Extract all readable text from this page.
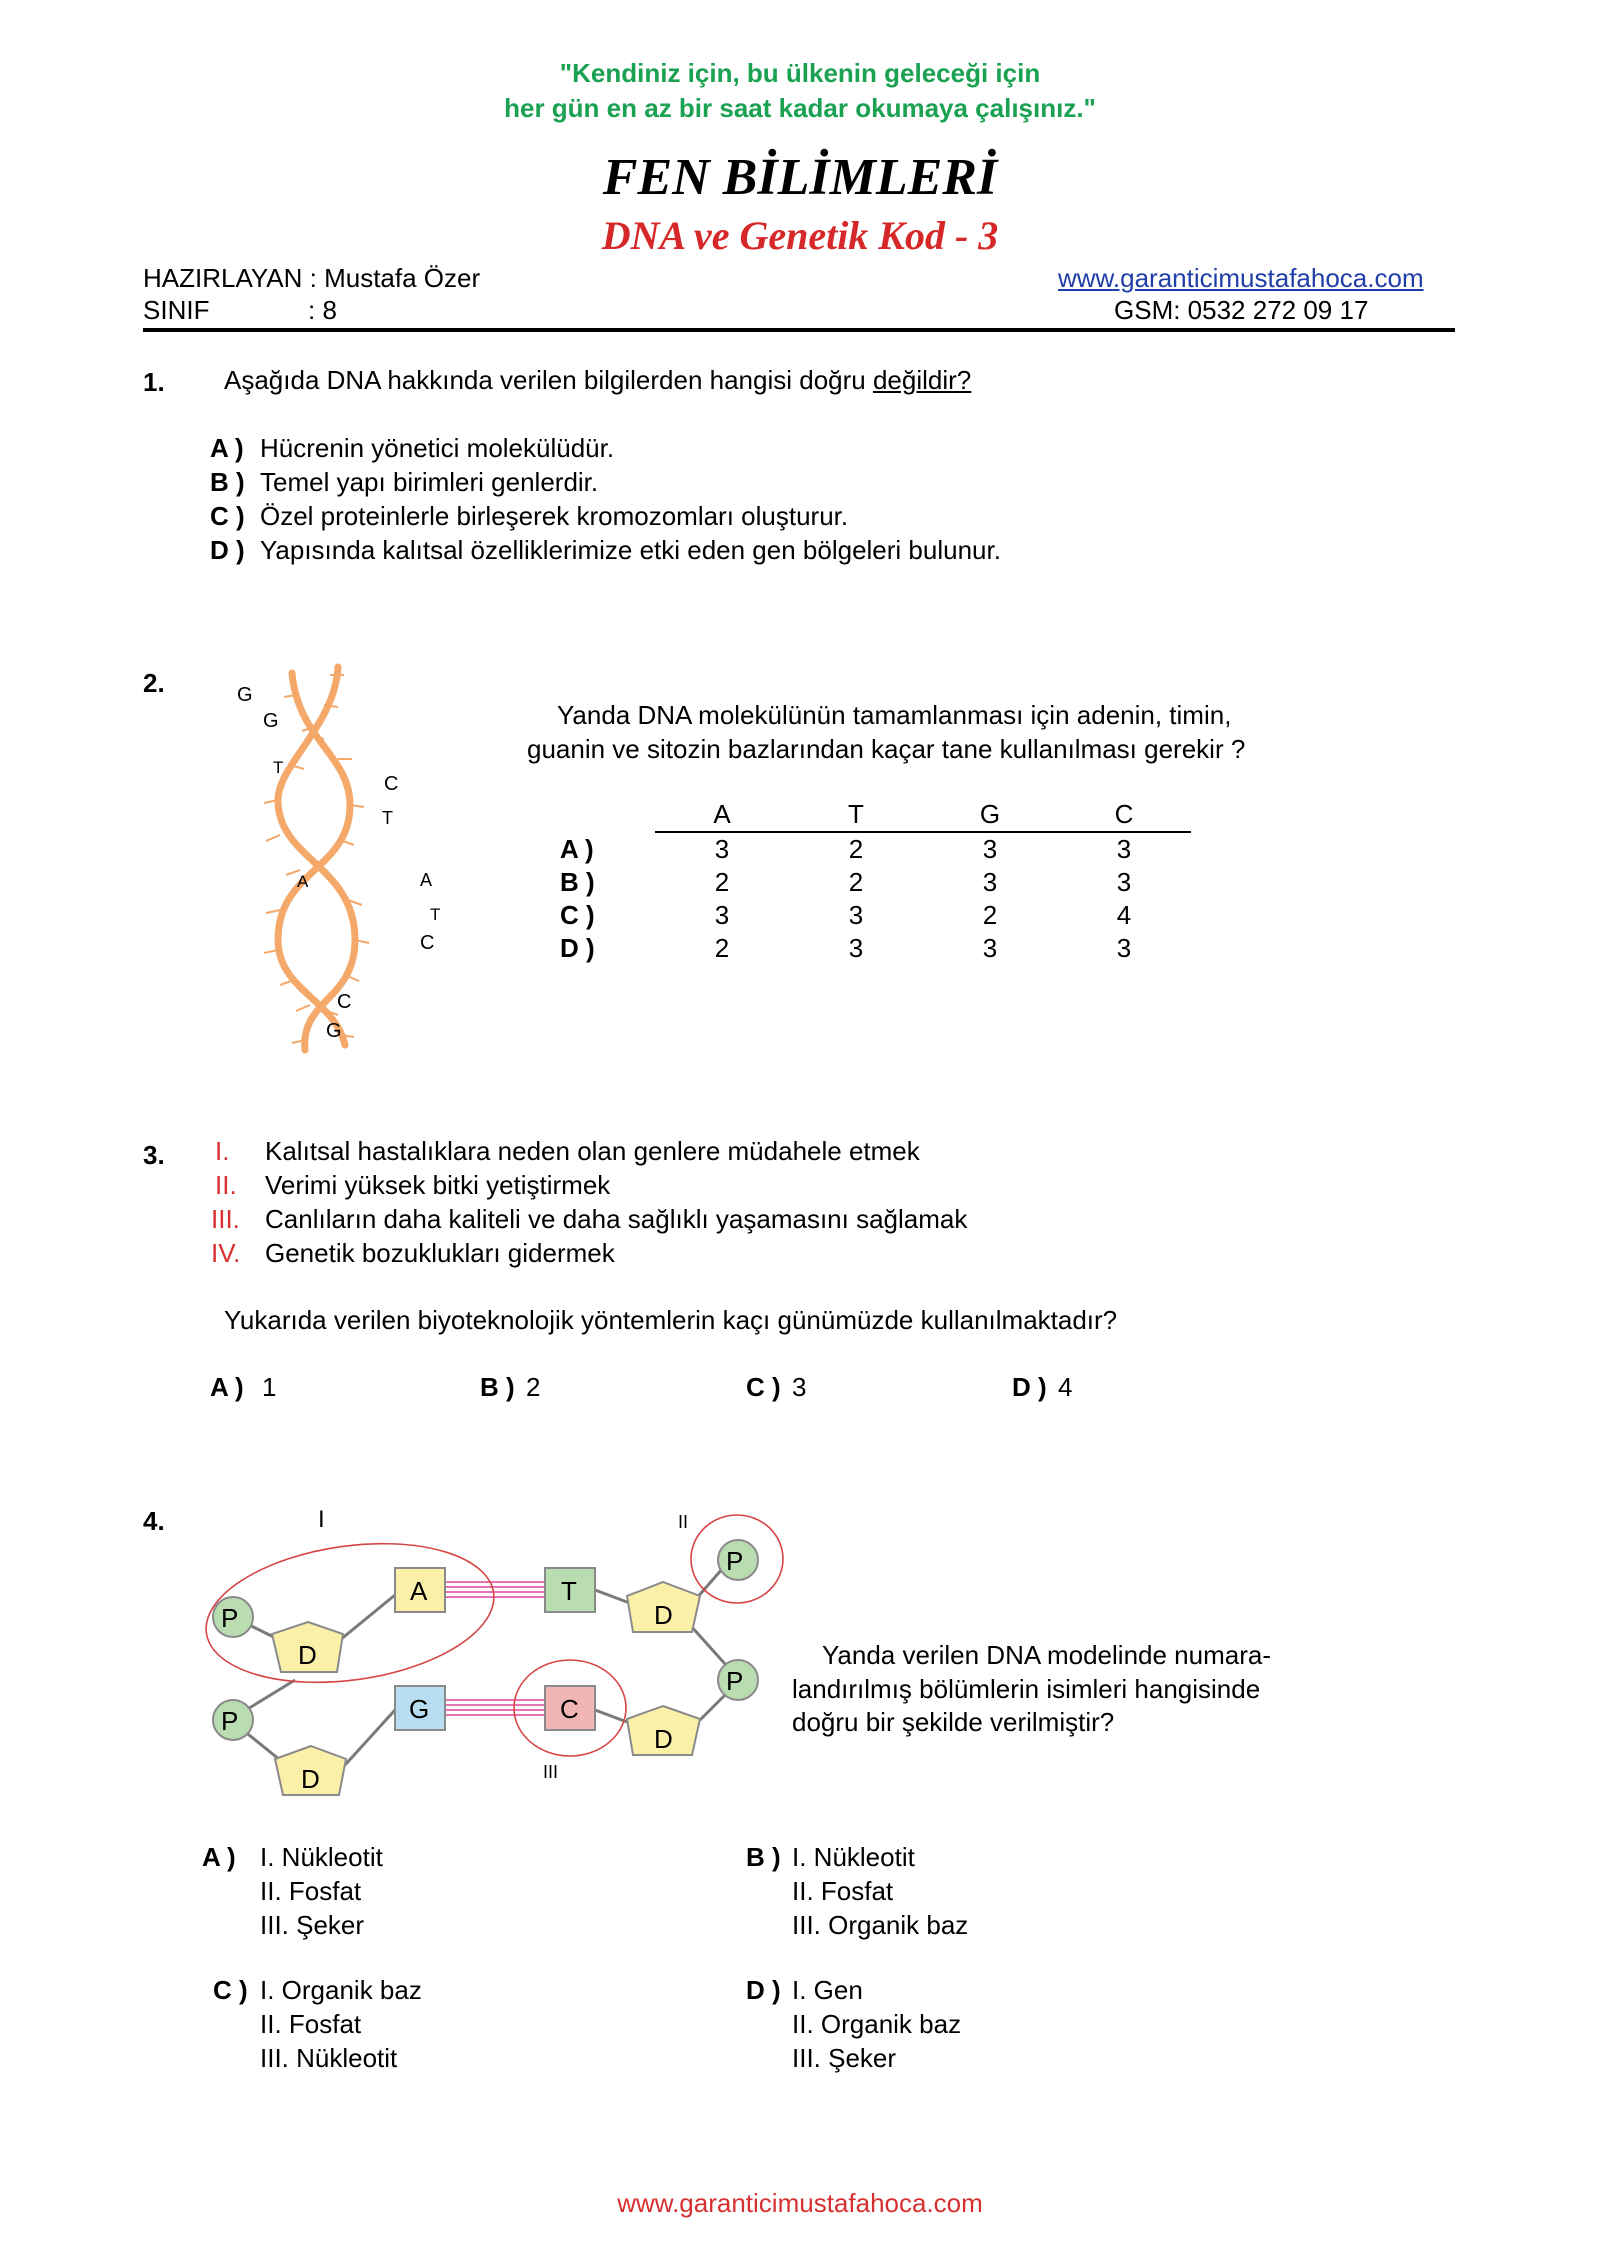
"Kendiniz için, bu ülkenin geleceği için
her gün en az bir saat kadar okumaya çalışınız."
FEN BİLİMLERİ
DNA ve Genetik Kod - 3
HAZIRLAYAN : Mustafa Özer
SINIF	: 8
www.garanticimustafahoca.com
GSM: 0532 272 09 17
1. Aşağıda DNA hakkında verilen bilgilerden hangisi doğru değildir?
A ) Hücrenin yönetici molekülüdür.
B ) Temel yapı birimleri genlerdir.
C ) Özel proteinlerle birleşerek kromozomları oluşturur.
D ) Yapısında kalıtsal özelliklerimize etki eden gen bölgeleri bulunur.
2.	G
G
T
C
T
A	A
T
C
C
G
Yanda DNA molekülünün tamamlanması için adenin, timin,
guanin ve sitozin bazlarından kaçar tane kullanılması gerekir ?
	A	T	G	C
A )	3	2	3	3
B )	2	2	3	3
C )	3	3	2	4
D )	2	3	3	3
3. I. Kalıtsal hastalıklara neden olan genlere müdahele etmek
II. Verimi yüksek bitki yetiştirmek
III. Canlıların daha kaliteli ve daha sağlıklı yaşamasını sağlamak
IV. Genetik bozuklukları gidermek
Yukarıda verilen biyoteknolojik yöntemlerin kaçı günümüzde kullanılmaktadır?
A ) 1	B ) 2	C ) 3	D ) 4
4.
P
P
P
P
D
D
D
D
A	T
G	C
I	II
III
Yanda verilen DNA modelinde numara-
landırılmış bölümlerin isimleri hangisinde
doğru bir şekilde verilmiştir?
A ) I. Nükleotit
II. Fosfat
III. Şeker
B ) I. Nükleotit
II. Fosfat
III. Organik baz
C ) I. Organik baz
II. Fosfat
III. Nükleotit
D ) I. Gen
II. Organik baz
III. Şeker
www.garanticimustafahoca.com
